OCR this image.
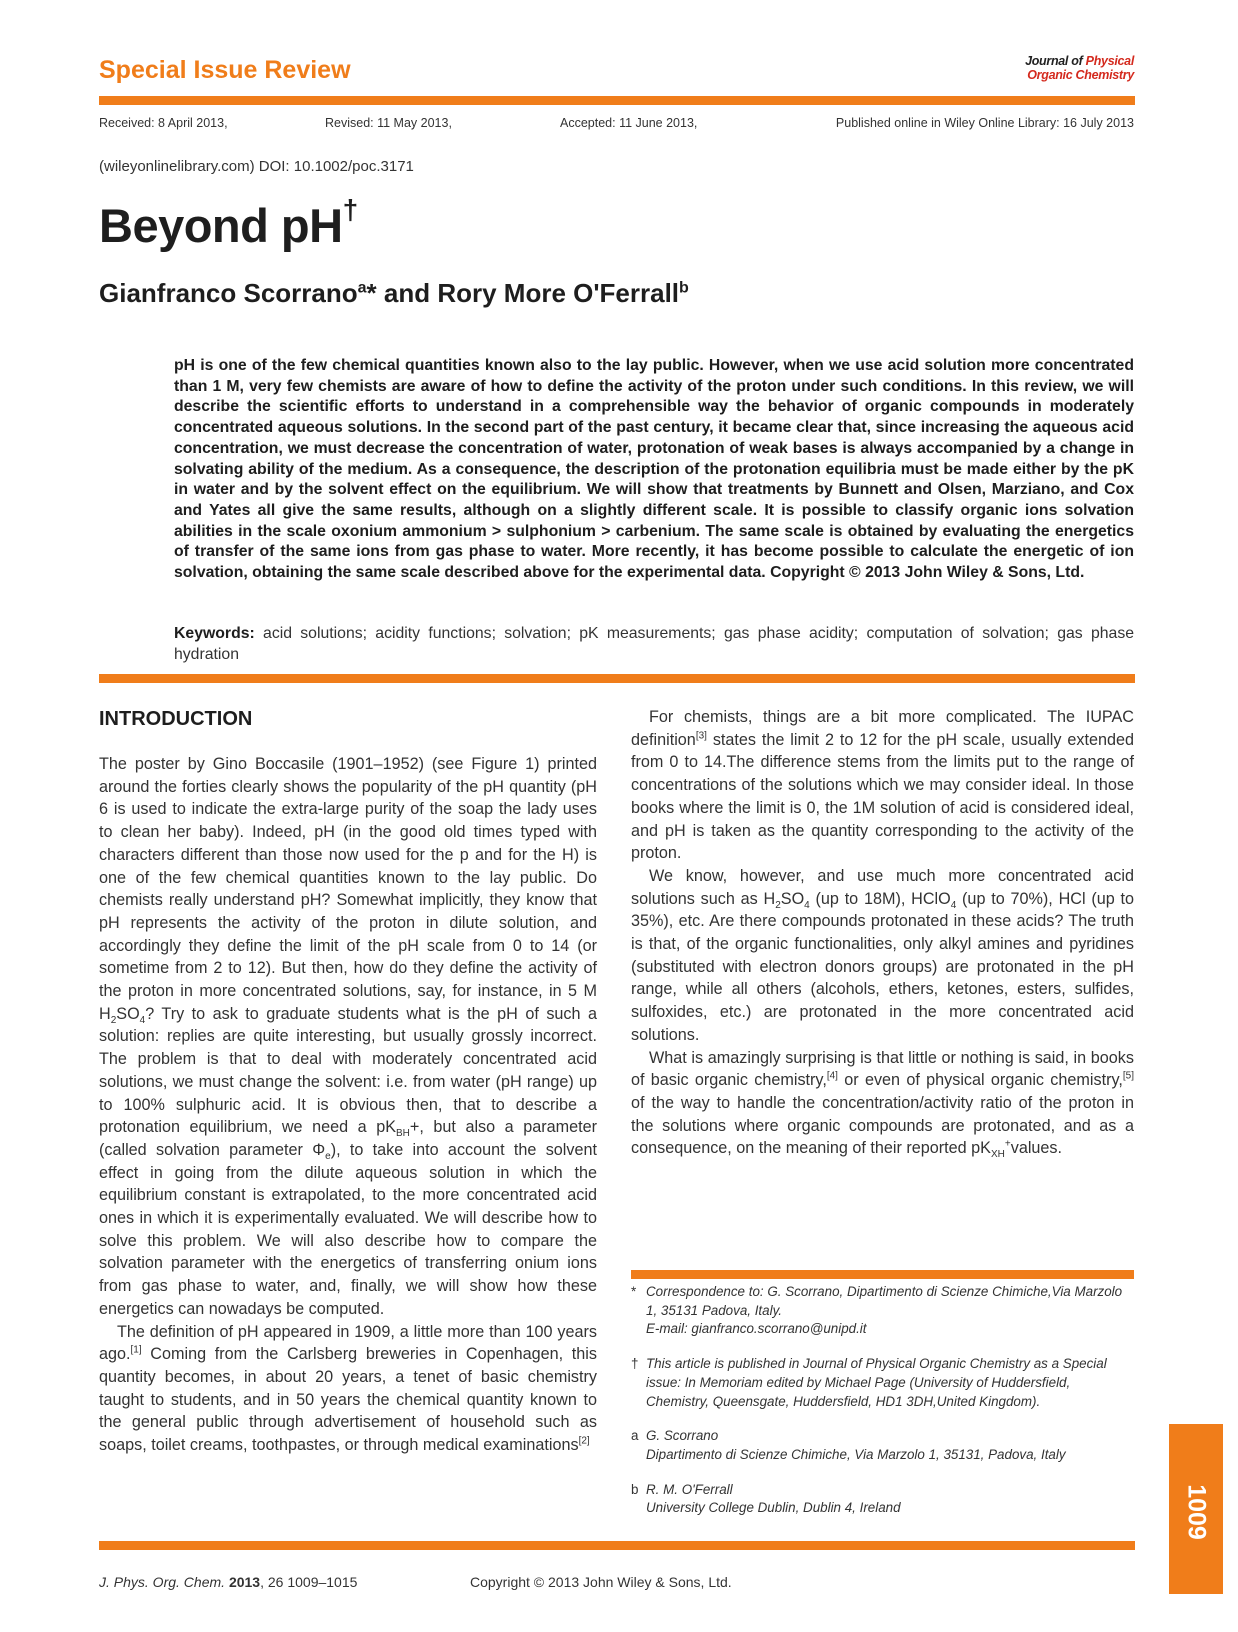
Special Issue Review	Journal of Physical
Organic Chemistry
Received: 8 April 2013,	Revised: 11 May 2013,	Accepted: 11 June 2013,	Published online in Wiley Online Library: 16 July 2013
(wileyonlinelibrary.com) DOI: 10.1002/poc.3171
Beyond pH†
Gianfranco Scorrano$^a$* and Rory More O'Ferrall$^b$
pH is one of the few chemical quantities known also to the lay public. However, when we use acid solution more concentrated than 1 M, very few chemists are aware of how to define the activity of the proton under such conditions. In this review, we will describe the scientific efforts to understand in a comprehensible way the behavior of organic compounds in moderately concentrated aqueous solutions. In the second part of the past century, it became clear that, since increasing the aqueous acid concentration, we must decrease the concentration of water, protonation of weak bases is always accompanied by a change in solvating ability of the medium. As a consequence, the description of the protonation equilibria must be made either by the pK in water and by the solvent effect on the equilibrium. We will show that treatments by Bunnett and Olsen, Marziano, and Cox and Yates all give the same results, although on a slightly different scale. It is possible to classify organic ions solvation abilities in the scale oxonium ammonium > sulphonium > carbenium. The same scale is obtained by evaluating the energetics of transfer of the same ions from gas phase to water. More recently, it has become possible to calculate the energetic of ion solvation, obtaining the same scale described above for the experimental data. Copyright © 2013 John Wiley & Sons, Ltd.
Keywords: acid solutions; acidity functions; solvation; pK measurements; gas phase acidity; computation of solvation; gas phase hydration
INTRODUCTION

The poster by Gino Boccasile (1901–1952) (see Figure 1) printed around the forties clearly shows the popularity of the pH quantity (pH 6 is used to indicate the extra-large purity of the soap the lady uses to clean her baby). Indeed, pH (in the good old times typed with characters different than those now used for the p and for the H) is one of the few chemical quantities known to the lay public. Do chemists really understand pH? Somewhat implicitly, they know that pH represents the activity of the proton in dilute solution, and accordingly they define the limit of the pH scale from 0 to 14 (or sometime from 2 to 12). But then, how do they define the activity of the proton in more concentrated solutions, say, for instance, in 5 M $H_2SO_4$? Try to ask to graduate students what is the pH of such a solution: replies are quite interesting, but usually grossly incorrect. The problem is that to deal with moderately concentrated acid solutions, we must change the solvent: i.e. from water (pH range) up to 100% sulphuric acid. It is obvious then, that to describe a protonation equilibrium, we need a $pK_{BH}+$, but also a parameter (called solvation parameter $\Phi_e$), to take into account the solvent effect in going from the dilute aqueous solution in which the equilibrium constant is extrapolated, to the more concentrated acid ones in which it is experimentally evaluated. We will describe how to solve this problem. We will also describe how to compare the solvation parameter with the energetics of transferring onium ions from gas phase to water, and, finally, we will show how these energetics can nowadays be computed.

The definition of pH appeared in 1909, a little more than 100 years ago.[1] Coming from the Carlsberg breweries in Copenhagen, this quantity becomes, in about 20 years, a tenet of basic chemistry taught to students, and in 50 years the chemical quantity known to the general public through advertisement of household such as soaps, toilet creams, toothpastes, or through medical examinations[2]

For chemists, things are a bit more complicated. The IUPAC definition[3] states the limit 2 to 12 for the pH scale, usually extended from 0 to 14.The difference stems from the limits put to the range of concentrations of the solutions which we may consider ideal. In those books where the limit is 0, the 1M solution of acid is considered ideal, and pH is taken as the quantity corresponding to the activity of the proton.

We know, however, and use much more concentrated acid solutions such as $H_2SO_4$ (up to 18M), HClO$_4$ (up to 70%), HCl (up to 35%), etc. Are there compounds protonated in these acids? The truth is that, of the organic functionalities, only alkyl amines and pyridines (substituted with electron donors groups) are protonated in the pH range, while all others (alcohols, ethers, ketones, esters, sulfides, sulfoxides, etc.) are protonated in the more concentrated acid solutions.

What is amazingly surprising is that little or nothing is said, in books of basic organic chemistry,[4] or even of physical organic chemistry,[5] of the way to handle the concentration/activity ratio of the proton in the solutions where organic compounds are protonated, and as a consequence, on the meaning of their reported $pK_{XH}^+values$.

* Correspondence to: G. Scorrano, Dipartimento di Scienze Chimiche,Via Marzolo 1, 35131 Padova, Italy.
E-mail: gianfranco.scorrano@unipd.it
† This article is published in Journal of Physical Organic Chemistry as a Special issue: In Memoriam edited by Michael Page (University of Huddersfield, Chemistry, Queensgate, Huddersfield, HD1 3DH,United Kingdom).
a G. Scorrano
Dipartimento di Scienze Chimiche, Via Marzolo 1, 35131, Padova, Italy
b R. M. O'Ferrall
University College Dublin, Dublin 4, Ireland
J. Phys. Org. Chem. 2013, 26 1009–1015	Copyright © 2013 John Wiley & Sons, Ltd.
1009
